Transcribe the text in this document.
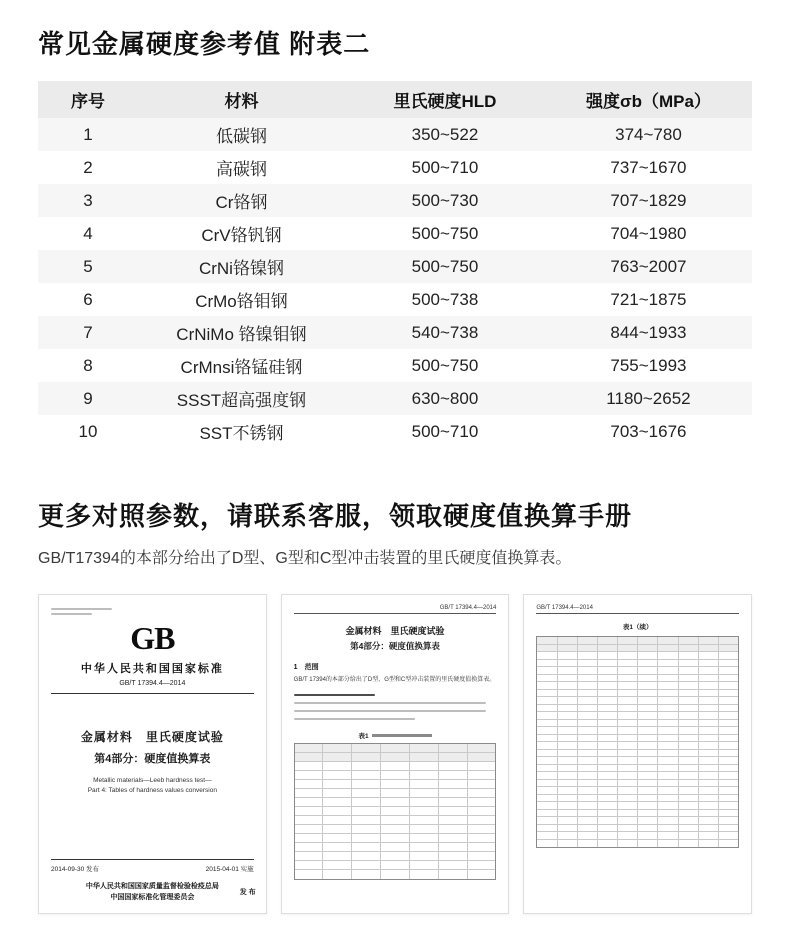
常见金属硬度参考值 附表二
序号	材料	里氏硬度HLD	强度σb（MPa）
1	低碳钢	350~522	374~780
2	高碳钢	500~710	737~1670
3	Cr铬钢	500~730	707~1829
4	CrV铬钒钢	500~750	704~1980
5	CrNi铬镍钢	500~750	763~2007
6	CrMo铬钼钢	500~738	721~1875
7	CrNiMo 铬镍钼钢	540~738	844~1933
8	CrMnsi铬锰硅钢	500~750	755~1993
9	SSST超高强度钢	630~800	1180~2652
10	SST不锈钢	500~710	703~1676
更多对照参数，请联系客服，领取硬度值换算手册
GB/T17394的本部分给出了D型、G型和C型冲击装置的里氏硬度值换算表。
GB
中华人民共和国国家标准
GB/T 17394.4—2014
金属材料　里氏硬度试验
第4部分：硬度值换算表
Metallic materials—Leeb hardness test—
Part 4: Tables of hardness values conversion
2014-09-30 发布	2015-04-01 实施
中华人民共和国国家质量监督检验检疫总局
中国国家标准化管理委员会
发 布
GB/T 17394.4—2014
金属材料　里氏硬度试验
第4部分：硬度值换算表
1　范围
GB/T 17394的本部分给出了D型、G型和C型冲击装置的里氏硬度值换算表。
表1
GB/T 17394.4—2014
表1（续）
